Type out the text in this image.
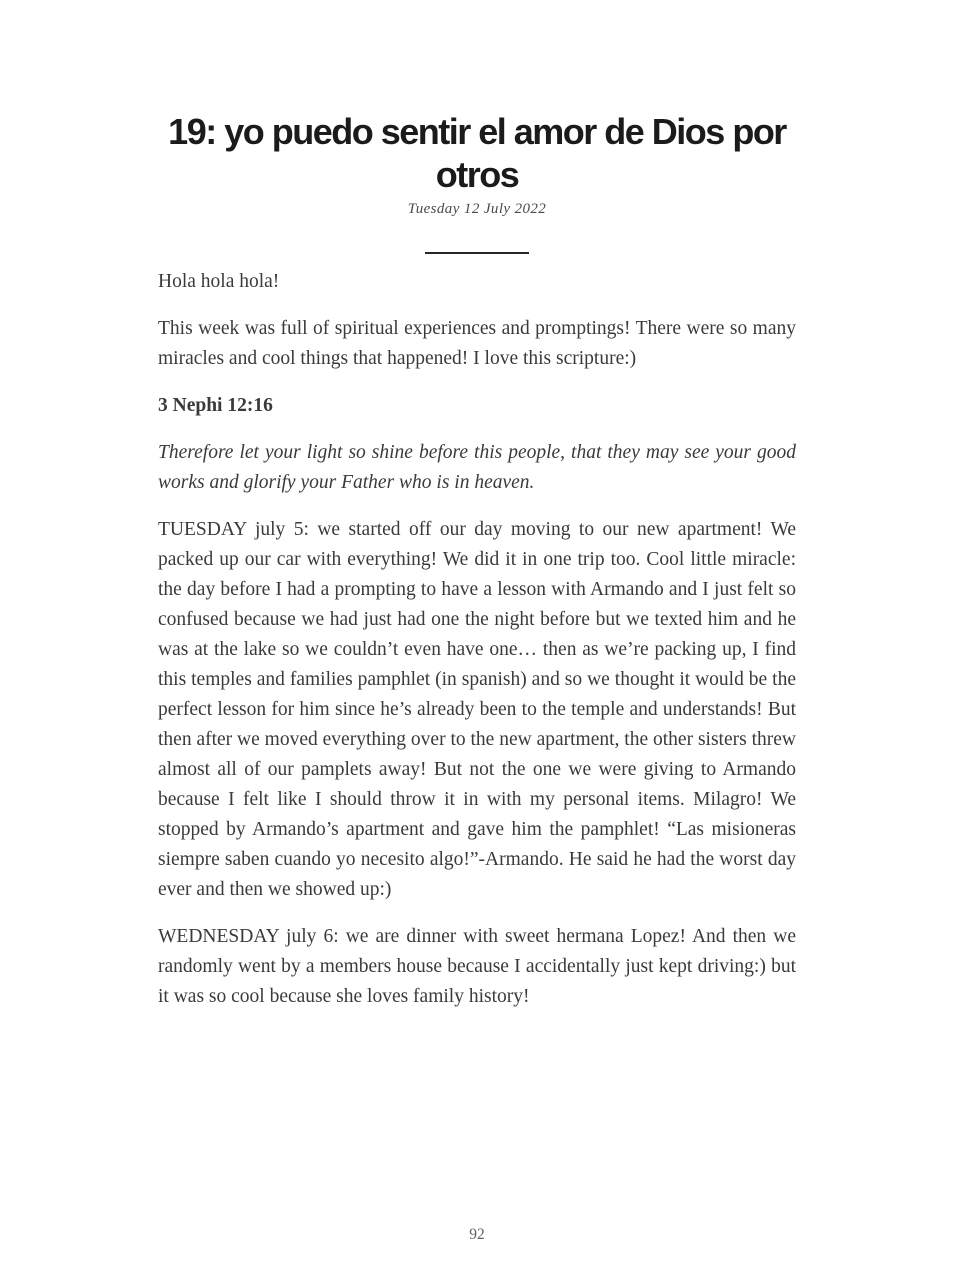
19: yo puedo sentir el amor de Dios por
otros
Tuesday 12 July 2022

Hola hola hola!

This week was full of spiritual experiences and promptings! There were so many miracles and cool things that happened! I love this scripture:)

3 Nephi 12:16

Therefore let your light so shine before this people, that they may see your good works and glorify your Father who is in heaven.

TUESDAY july 5: we started off our day moving to our new apartment! We packed up our car with everything! We did it in one trip too. Cool little miracle: the day before I had a prompting to have a lesson with Armando and I just felt so confused because we had just had one the night before but we texted him and he was at the lake so we couldn’t even have one… then as we’re packing up, I find this temples and families pamphlet (in spanish) and so we thought it would be the perfect lesson for him since he’s already been to the temple and understands! But then after we moved everything over to the new apartment, the other sisters threw almost all of our pamplets away! But not the one we were giving to Armando because I felt like I should throw it in with my personal items. Milagro! We stopped by Armando’s apartment and gave him the pamphlet! “Las misioneras siempre saben cuando yo necesito algo!”-Armando. He said he had the worst day ever and then we showed up:)

WEDNESDAY july 6: we are dinner with sweet hermana Lopez! And then we randomly went by a members house because I accidentally just kept driving:) but it was so cool because she loves family history!

92
